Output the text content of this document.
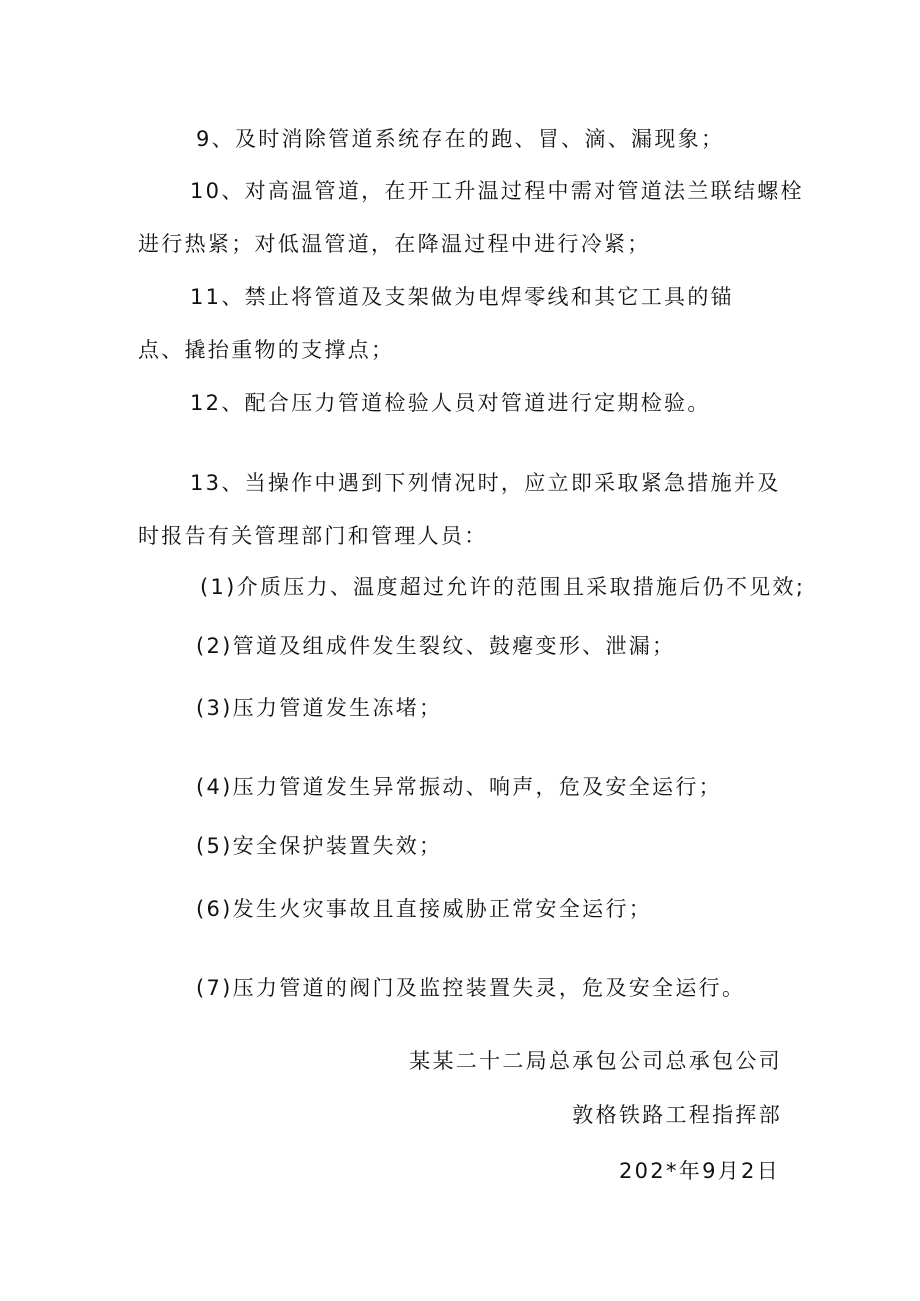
9、及时消除管道系统存在的跑、冒、滴、漏现象；
10、对高温管道，在开工升温过程中需对管道法兰联结螺栓
进行热紧；对低温管道，在降温过程中进行冷紧；
11、禁止将管道及支架做为电焊零线和其它工具的锚
点、撬抬重物的支撑点；
12、配合压力管道检验人员对管道进行定期检验。
13、当操作中遇到下列情况时，应立即采取紧急措施并及
时报告有关管理部门和管理人员：
(1)介质压力、温度超过允许的范围且采取措施后仍不见效;
(2)管道及组成件发生裂纹、鼓瘪变形、泄漏；
(3)压力管道发生冻堵；
(4)压力管道发生异常振动、响声，危及安全运行；
(5)安全保护装置失效；
(6)发生火灾事故且直接威胁正常安全运行；
(7)压力管道的阀门及监控装置失灵，危及安全运行。
某某二十二局总承包公司总承包公司
敦格铁路工程指挥部
202*年9月2日
